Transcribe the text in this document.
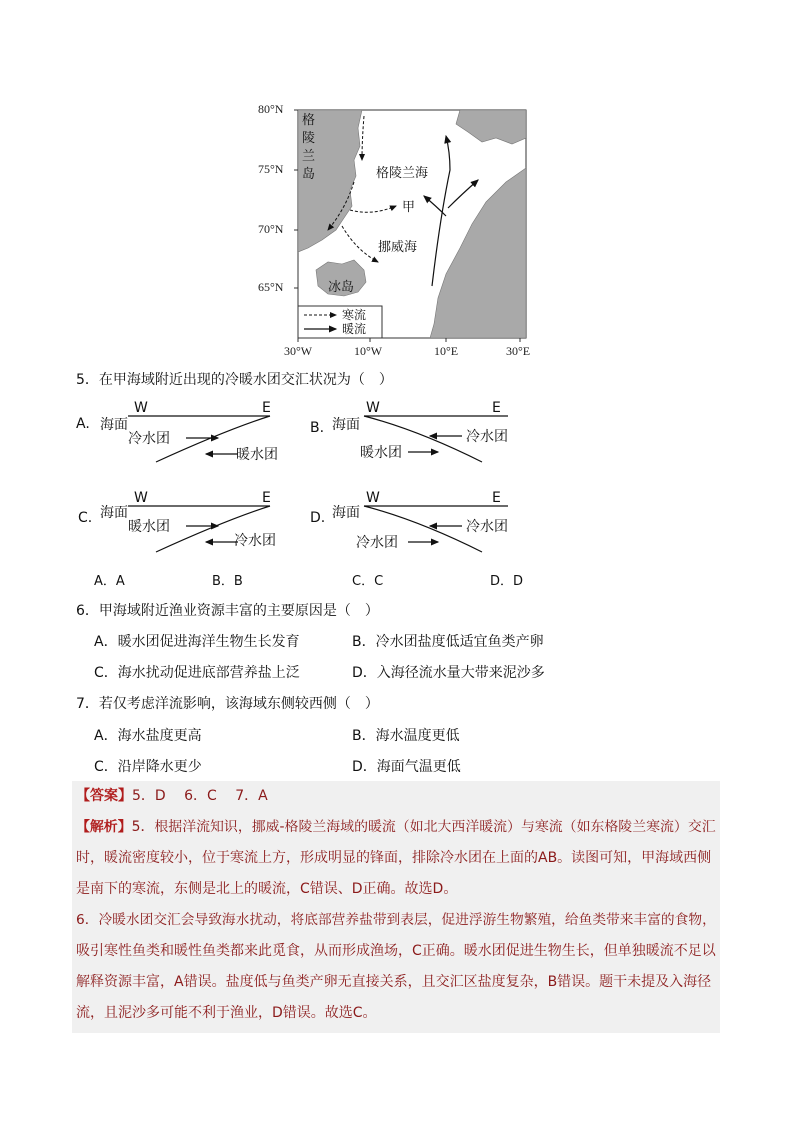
80°N
75°N
70°N
65°N
30°W	10°W	10°E	30°E
格陵兰岛	格陵兰海
甲
挪威海
冰岛
寒流
暖流
5．在甲海域附近出现的冷暖水团交汇状况为（　）
A.
W	E
海面
冷水团
暖水团
B.
W	E
海面
冷水团
暖水团
C.
W	E
海面
暖水团
冷水团
D.
W	E
海面
冷水团
冷水团
A．A	B．B	C．C	D．D
6．甲海域附近渔业资源丰富的主要原因是（　）
A．暖水团促进海洋生物生长发育	B．冷水团盐度低适宜鱼类产卵
C．海水扰动促进底部营养盐上泛	D．入海径流水量大带来泥沙多
7．若仅考虑洋流影响，该海域东侧较西侧（　）
A．海水盐度更高	B．海水温度更低
C．沿岸降水更少	D．海面气温更低
【答案】5．D　 6．C　 7．A
【解析】5．根据洋流知识，挪威-格陵兰海域的暖流（如北大西洋暖流）与寒流（如东格陵兰寒流）交汇
时，暖流密度较小，位于寒流上方，形成明显的锋面，排除冷水团在上面的AB。读图可知，甲海域西侧
是南下的寒流，东侧是北上的暖流，C错误、D正确。故选D。
6．冷暖水团交汇会导致海水扰动，将底部营养盐带到表层，促进浮游生物繁殖，给鱼类带来丰富的食物，
吸引寒性鱼类和暖性鱼类都来此觅食，从而形成渔场，C正确。暖水团促进生物生长，但单独暖流不足以
解释资源丰富，A错误。盐度低与鱼类产卵无直接关系，且交汇区盐度复杂，B错误。题干未提及入海径
流，且泥沙多可能不利于渔业，D错误。故选C。
